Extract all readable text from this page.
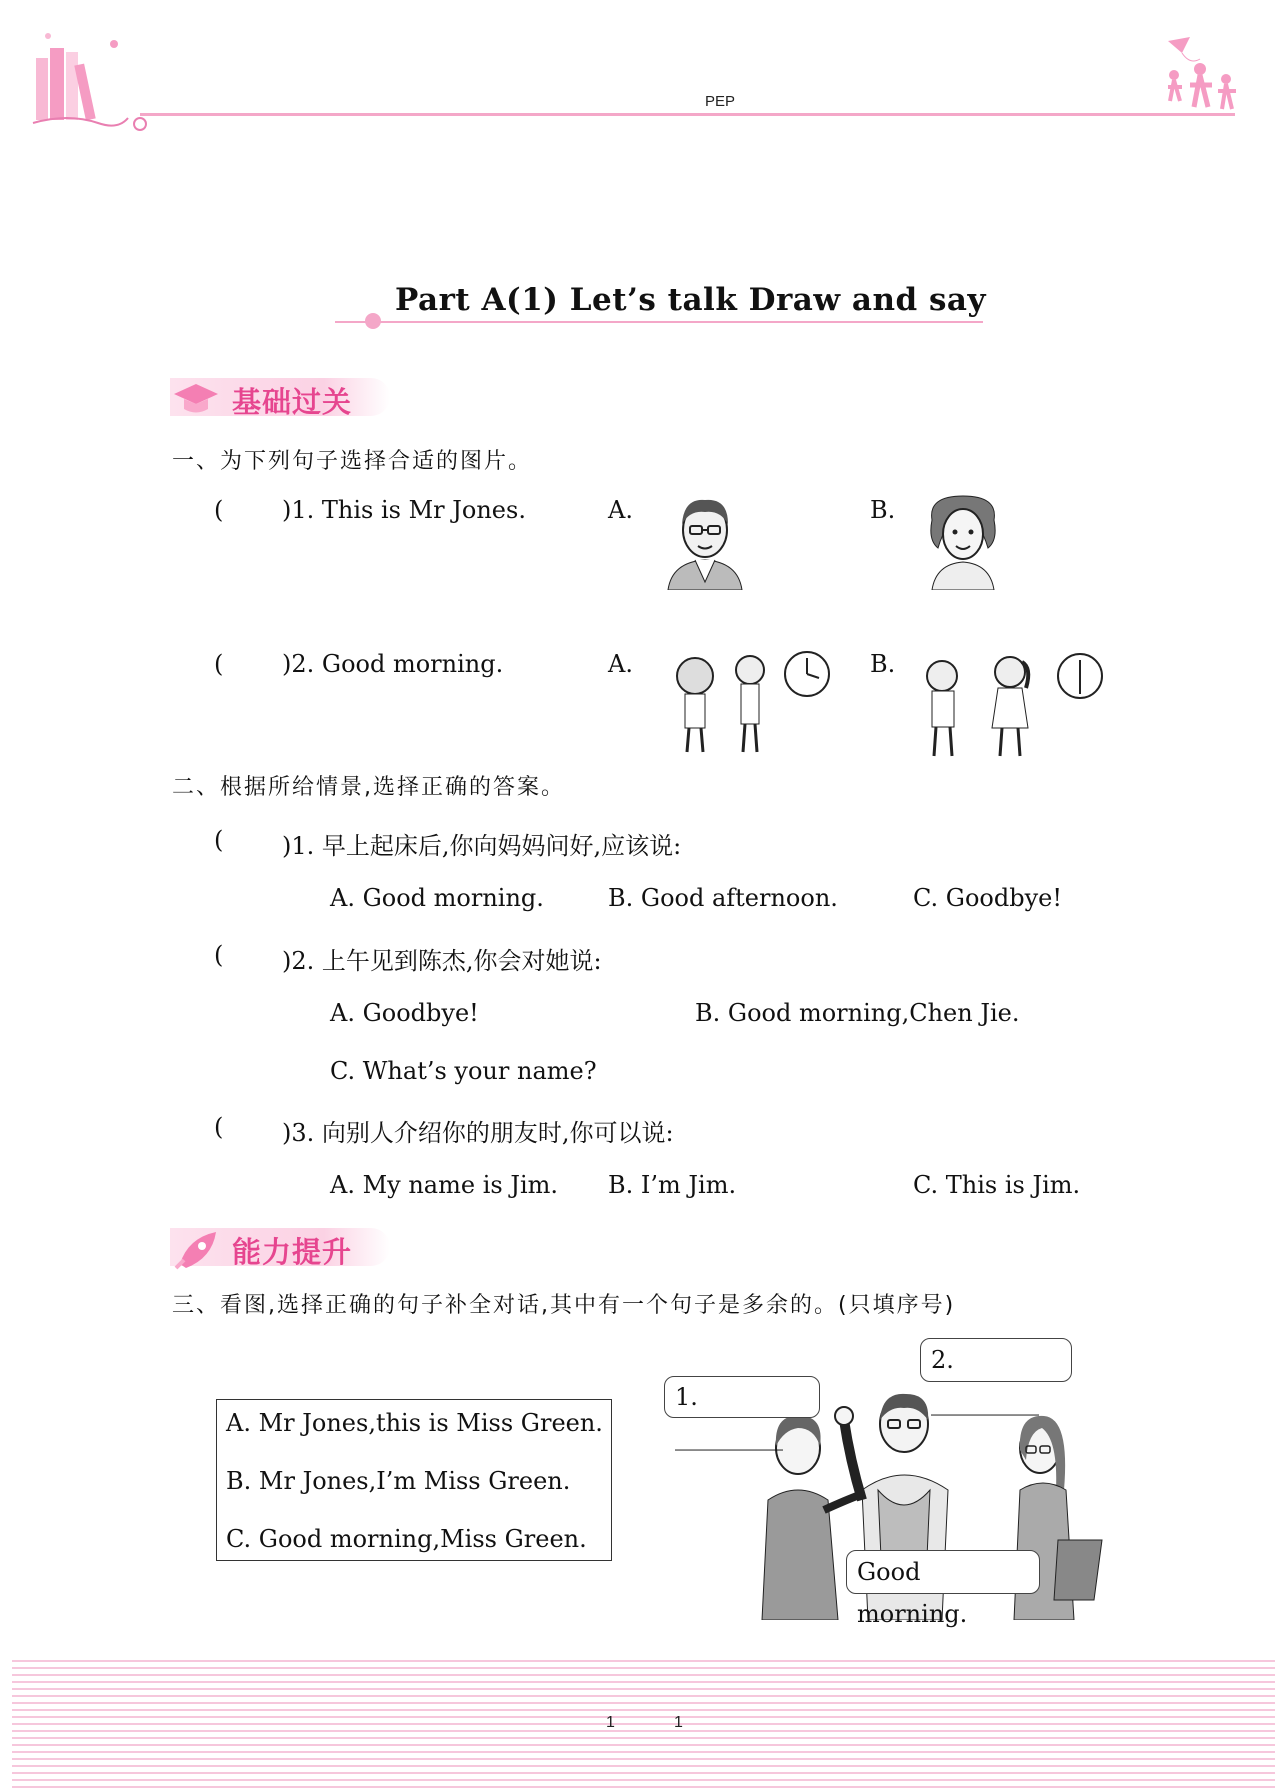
PEP
Part A(1) Let’s talk Draw and say
基础过关
一、为下列句子选择合适的图片。
( )1. This is Mr Jones.	A.	B.
( )2. Good morning.	A.	B.
二、根据所给情景,选择正确的答案。
( )1. 早上起床后,你向妈妈问好,应该说:
A. Good morning.	B. Good afternoon.	C. Goodbye!
( )2. 上午见到陈杰,你会对她说:
A. Goodbye!	B. Good morning,Chen Jie.
C. What’s your name?
( )3. 向别人介绍你的朋友时,你可以说:
A. My name is Jim. B. I’m Jim.	C. This is Jim.
能力提升
三、看图,选择正确的句子补全对话,其中有一个句子是多余的。(只填序号)
A. Mr Jones,this is Miss Green.
B. Mr Jones,I’m Miss Green.
C. Good morning,Miss Green.
1. _________
2. _________
Good morning.
1	1
